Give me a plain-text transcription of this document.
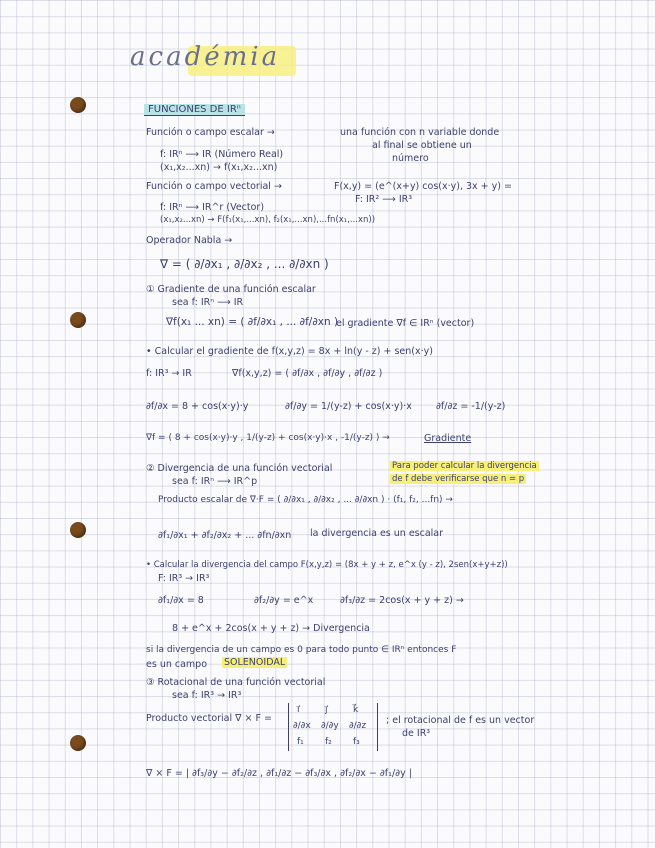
académia
FUNCIONES DE IRⁿ
Función o campo escalar →	una función con n variable donde
al final se obtiene un
número
f: IRⁿ ⟶ IR (Número Real)
(x₁,x₂...xn) → f(x₁,x₂...xn)
Función o campo vectorial →	F(x,y) = (e^(x+y) cos(x·y), 3x + y) =
F: IR² ⟶ IR³
f: IRⁿ ⟶ IR^r (Vector)
(x₁,x₂...xn) → F(f₁(x₁,...xn), f₂(x₁,...xn),...fn(x₁,...xn))
Operador Nabla →
∇ = ( ∂/∂x₁ , ∂/∂x₂ , ... ∂/∂xn )
① Gradiente de una función escalar
sea f: IRⁿ ⟶ IR
∇f(x₁ ... xn) = ( ∂f/∂x₁ , ... ∂f/∂xn )
el gradiente ∇f ∈ IRⁿ (vector)
• Calcular el gradiente de f(x,y,z) = 8x + ln(y - z) + sen(x·y)
f: IR³ → IR	∇f(x,y,z) = ( ∂f/∂x , ∂f/∂y , ∂f/∂z )
∂f/∂x = 8 + cos(x·y)·y	∂f/∂y = 1/(y-z) + cos(x·y)·x	∂f/∂z = -1/(y-z)
∇f = ( 8 + cos(x·y)·y , 1/(y-z) + cos(x·y)·x , -1/(y-z) ) →	Gradiente
② Divergencia de una función vectorial	Para poder calcular la divergencia
de f debe verificarse que n = p
sea f: IRⁿ ⟶ IR^p
Producto escalar de ∇·F = ( ∂/∂x₁ , ∂/∂x₂ , ... ∂/∂xn ) · (f₁, f₂, ...fn) →
∂f₁/∂x₁ + ∂f₂/∂x₂ + ... ∂fn/∂xn la divergencia es un escalar
• Calcular la divergencia del campo F(x,y,z) = (8x + y + z, e^x (y - z), 2sen(x+y+z))
F: IR³ → IR³
∂f₁/∂x = 8	∂f₂/∂y = e^x	∂f₃/∂z = 2cos(x + y + z) →
8 + e^x + 2cos(x + y + z) → Divergencia
si la divergencia de un campo es 0 para todo punto ∈ IRⁿ entonces F
es un campo SOLENOIDAL
③ Rotacional de una función vectorial
sea f: IR³ → IR³
Producto vectorial ∇ × F =
i⃗	j⃗	k⃗
∂/∂x ∂/∂y ∂/∂z
f₁ f₂ f₃
; el rotacional de f es un vector
de IR³
∇ × F = | ∂f₃/∂y − ∂f₂/∂z , ∂f₁/∂z − ∂f₃/∂x , ∂f₂/∂x − ∂f₁/∂y |
